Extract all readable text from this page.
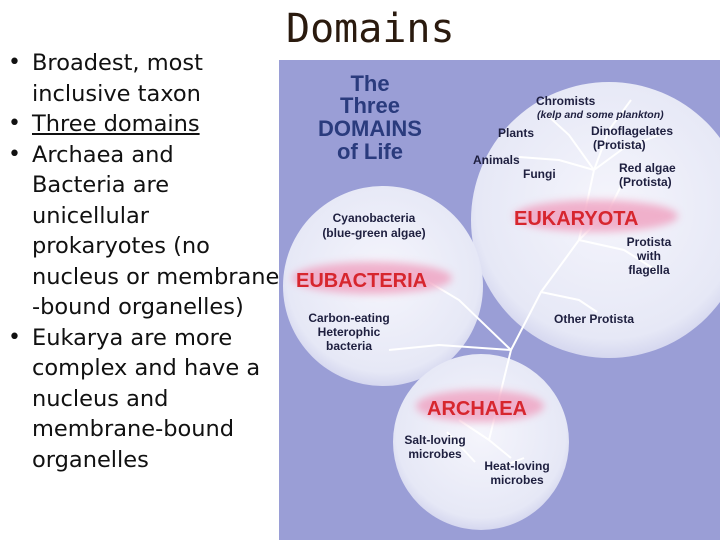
Domains
• Broadest, most
inclusive taxon
• Three domains
• Archaea and
Bacteria are
unicellular
prokaryotes (no
nucleus or membrane
-bound organelles)
• Eukarya are more
complex and have a
nucleus and
membrane-bound
organelles
The
Three
DOMAINS
of Life
EUKARYOTA
EUBACTERIA
ARCHAEA
Chromists
(kelp and some plankton)
Plants	Dinoflagelates
(Protista)
Animals
Fungi	Red algae
(Protista)
Protista
with
flagella
Other Protista
Cyanobacteria
(blue-green algae)
Carbon-eating
Heterophic
bacteria
Salt-loving
microbes
Heat-loving
microbes
